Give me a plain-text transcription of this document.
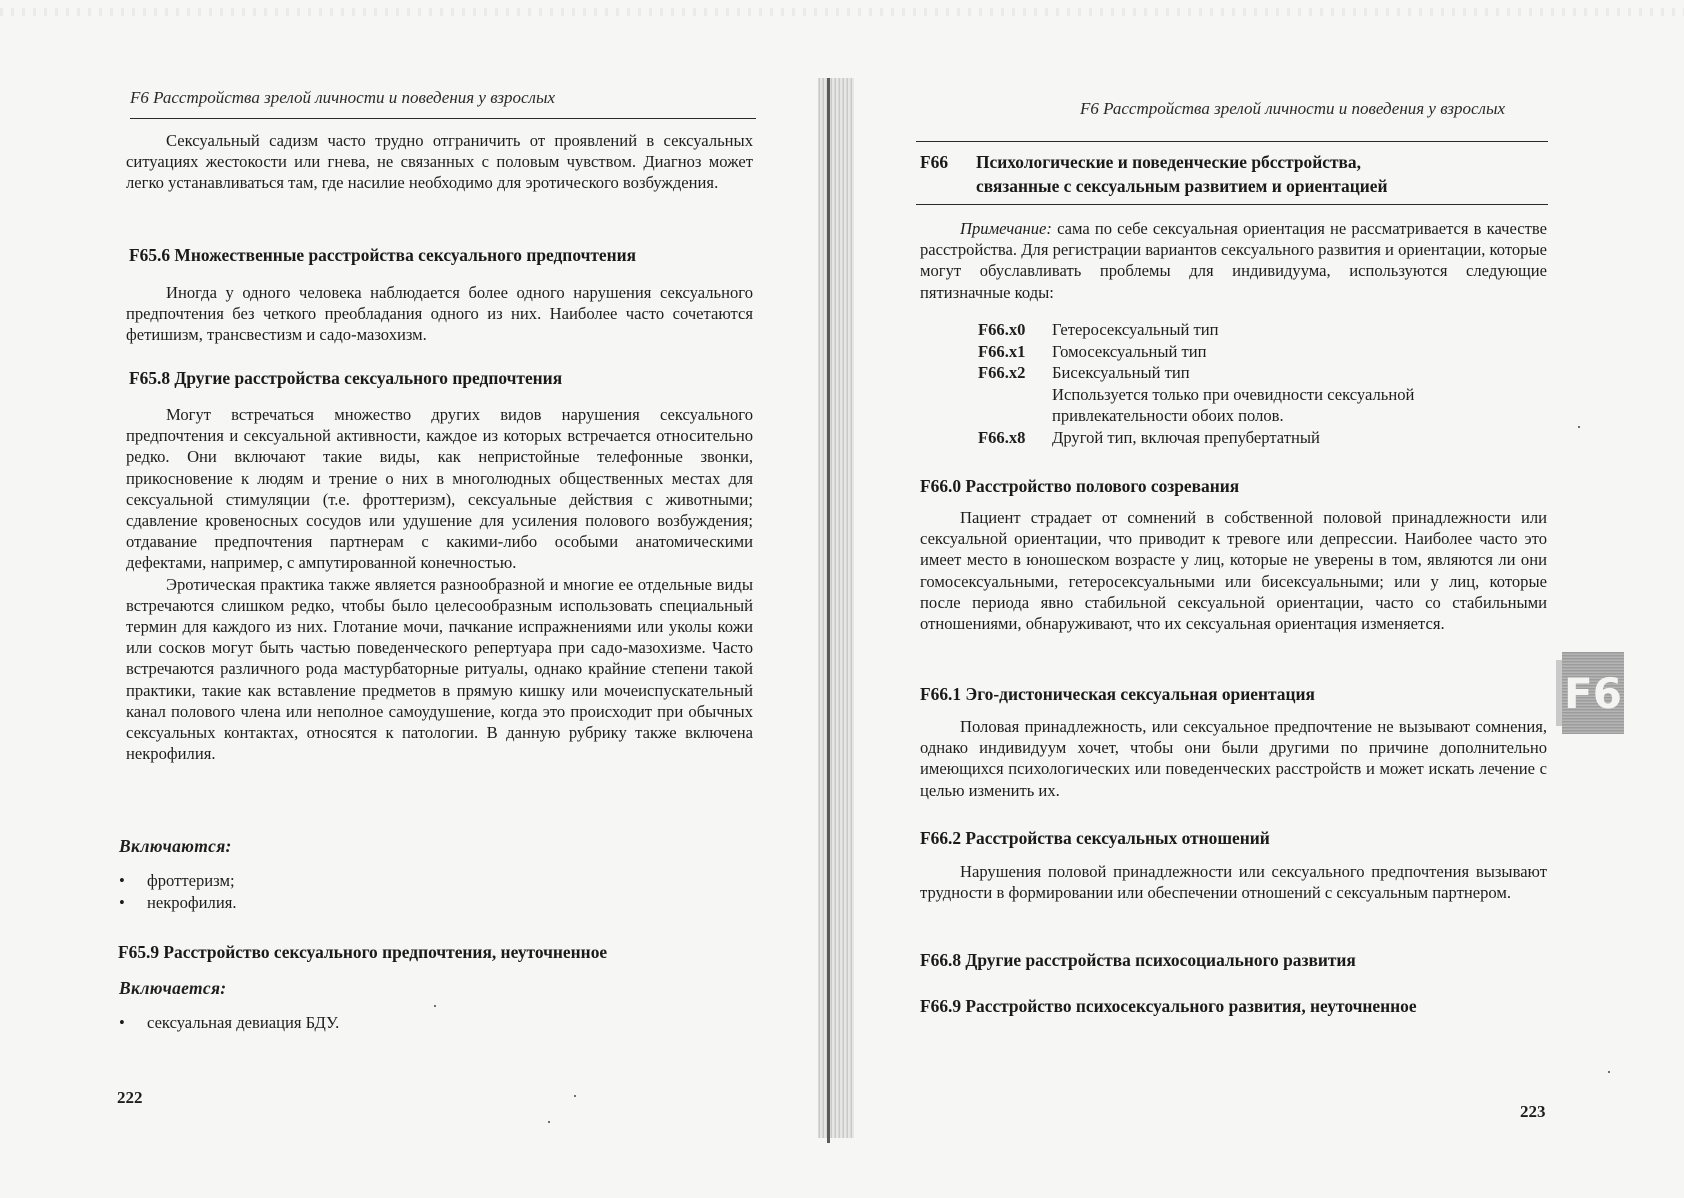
F6 Расстройства зрелой личности и поведения у взрослых

Сексуальный садизм часто трудно отграничить от проявлений в сексуальных ситуациях жестокости или гнева, не связанных с половым чувством. Диагноз может легко устанавливаться там, где насилие необходимо для эротического возбуждения.

F65.6 Множественные расстройства сексуального предпочтения

Иногда у одного человека наблюдается более одного нарушения сексуального предпочтения без четкого преобладания одного из них. Наиболее часто сочетаются фетишизм, трансвестизм и садо-мазохизм.

F65.8 Другие расстройства сексуального предпочтения

Могут встречаться множество других видов нарушения сексуального предпочтения и сексуальной активности, каждое из которых встречается относительно редко. Они включают такие виды, как непристойные телефонные звонки, прикосновение к людям и трение о них в многолюдных общественных местах для сексуальной стимуляции (т.е. фроттеризм), сексуальные действия с животными; сдавление кровеносных сосудов или удушение для усиления полового возбуждения; отдавание предпочтения партнерам с какими-либо особыми анатомическими дефектами, например, с ампутированной конечностью.

Эротическая практика также является разнообразной и многие ее отдельные виды встречаются слишком редко, чтобы было целесообразным использовать специальный термин для каждого из них. Глотание мочи, пачкание испражнениями или уколы кожи или сосков могут быть частью поведенческого репертуара при садо-мазохизме. Часто встречаются различного рода мастурбаторные ритуалы, однако крайние степени такой практики, такие как вставление предметов в прямую кишку или мочеиспускательный канал полового члена или неполное самоудушение, когда это происходит при обычных сексуальных контактах, относятся к патологии. В данную рубрику также включена некрофилия.

Включаются:
• фроттеризм;
• некрофилия.
F65.9 Расстройство сексуального предпочтения, неуточненное
Включается:
• сексуальная девиация БДУ.
222
F6 Расстройства зрелой личности и поведения у взрослых
F66 Психологические и поведенческие рбсстройства,
связанные с сексуальным развитием и ориентацией

Примечание: сама по себе сексуальная ориентация не рассматривается в качестве расстройства. Для регистрации вариантов сексуального развития и ориентации, которые могут обуславливать проблемы для индивидуума, используются следующие пятизначные коды:

F66.x0	Гетеросексуальный тип
F66.x1	Гомосексуальный тип
F66.x2	Бисексуальный тип
Используется только при очевидности сексуальной привлекательности обоих полов.
F66.x8	Другой тип, включая препубертатный
F66.0 Расстройство полового созревания

Пациент страдает от сомнений в собственной половой принадлежности или сексуальной ориентации, что приводит к тревоге или депрессии. Наиболее часто это имеет место в юношеском возрасте у лиц, которые не уверены в том, являются ли они гомосексуальными, гетеросексуальными или бисексуальными; или у лиц, которые после периода явно стабильной сексуальной ориентации, часто со стабильными отношениями, обнаруживают, что их сексуальная ориентация изменяется.

F66.1 Эго-дистоническая сексуальная ориентация

Половая принадлежность, или сексуальное предпочтение не вызывают сомнения, однако индивидуум хочет, чтобы они были другими по причине дополнительно имеющихся психологических или поведенческих расстройств и может искать лечение с целью изменить их.

F66.2 Расстройства сексуальных отношений

Нарушения половой принадлежности или сексуального предпочтения вызывают трудности в формировании или обеспечении отношений с сексуальным партнером.

F66.8 Другие расстройства психосоциального развития
F66.9 Расстройство психосексуального развития, неуточненное
223
F6
